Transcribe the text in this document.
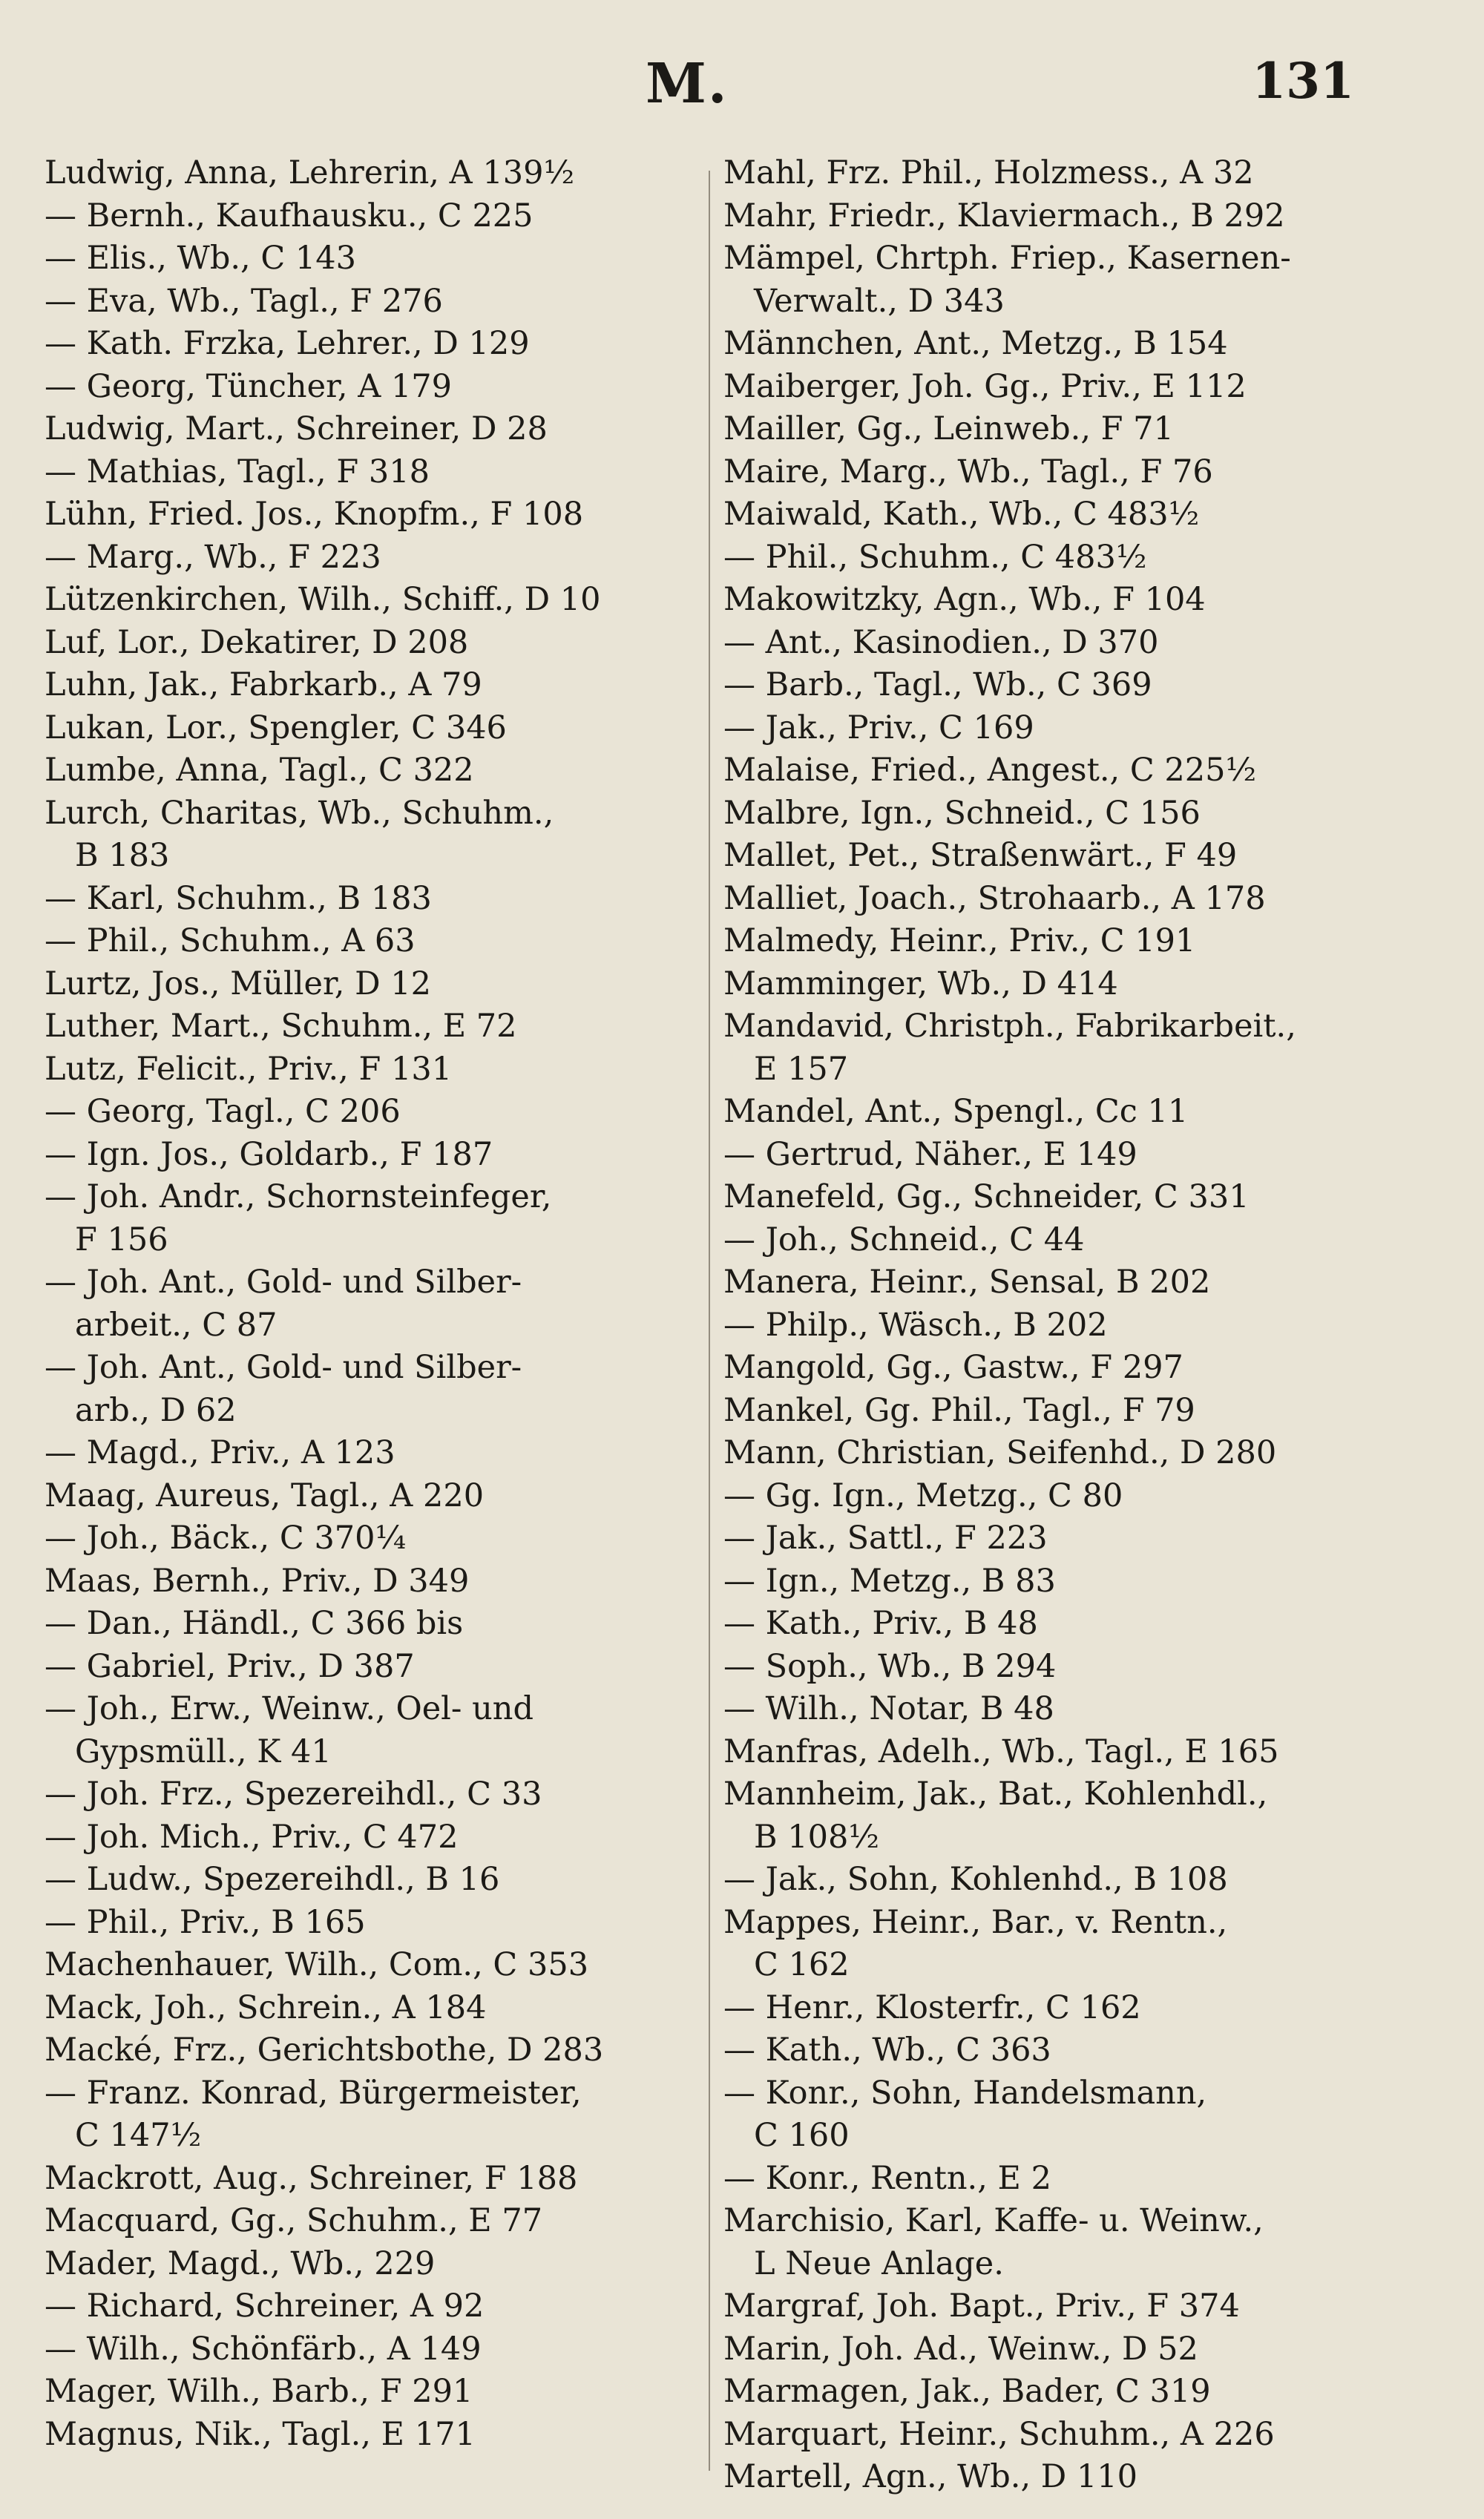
M.	131
Ludwig, Anna, Lehrerin, A 139½
— Bernh., Kaufhausku., C 225
— Elis., Wb., C 143
— Eva, Wb., Tagl., F 276
— Kath. Frzka, Lehrer., D 129
— Georg, Tüncher, A 179
Ludwig, Mart., Schreiner, D 28
— Mathias, Tagl., F 318
Lühn, Fried. Jos., Knopfm., F 108
— Marg., Wb., F 223
Lützenkirchen, Wilh., Schiff., D 10
Luf, Lor., Dekatirer, D 208
Luhn, Jak., Fabrkarb., A 79
Lukan, Lor., Spengler, C 346
Lumbe, Anna, Tagl., C 322
Lurch, Charitas, Wb., Schuhm.,
B 183
— Karl, Schuhm., B 183
— Phil., Schuhm., A 63
Lurtz, Jos., Müller, D 12
Luther, Mart., Schuhm., E 72
Lutz, Felicit., Priv., F 131
— Georg, Tagl., C 206
— Ign. Jos., Goldarb., F 187
— Joh. Andr., Schornsteinfeger,
F 156
— Joh. Ant., Gold- und Silber-
arbeit., C 87
— Joh. Ant., Gold- und Silber-
arb., D 62
— Magd., Priv., A 123
Maag, Aureus, Tagl., A 220
— Joh., Bäck., C 370¼
Maas, Bernh., Priv., D 349
— Dan., Händl., C 366 bis
— Gabriel, Priv., D 387
— Joh., Erw., Weinw., Oel- und
Gypsmüll., K 41
— Joh. Frz., Spezereihdl., C 33
— Joh. Mich., Priv., C 472
— Ludw., Spezereihdl., B 16
— Phil., Priv., B 165
Machenhauer, Wilh., Com., C 353
Mack, Joh., Schrein., A 184
Macké, Frz., Gerichtsbothe, D 283
— Franz. Konrad, Bürgermeister,
C 147½
Mackrott, Aug., Schreiner, F 188
Macquard, Gg., Schuhm., E 77
Mader, Magd., Wb., 229
— Richard, Schreiner, A 92
— Wilh., Schönfärb., A 149
Mager, Wilh., Barb., F 291
Magnus, Nik., Tagl., E 171
Mahl, Frz. Phil., Holzmess., A 32
Mahr, Friedr., Klaviermach., B 292
Mämpel, Chrtph. Friep., Kasernen-
Verwalt., D 343
Männchen, Ant., Metzg., B 154
Maiberger, Joh. Gg., Priv., E 112
Mailler, Gg., Leinweb., F 71
Maire, Marg., Wb., Tagl., F 76
Maiwald, Kath., Wb., C 483½
— Phil., Schuhm., C 483½
Makowitzky, Agn., Wb., F 104
— Ant., Kasinodien., D 370
— Barb., Tagl., Wb., C 369
— Jak., Priv., C 169
Malaise, Fried., Angest., C 225½
Malbre, Ign., Schneid., C 156
Mallet, Pet., Straßenwärt., F 49
Malliet, Joach., Strohaarb., A 178
Malmedy, Heinr., Priv., C 191
Mamminger, Wb., D 414
Mandavid, Christph., Fabrikarbeit.,
E 157
Mandel, Ant., Spengl., Cc 11
— Gertrud, Näher., E 149
Manefeld, Gg., Schneider, C 331
— Joh., Schneid., C 44
Manera, Heinr., Sensal, B 202
— Philp., Wäsch., B 202
Mangold, Gg., Gastw., F 297
Mankel, Gg. Phil., Tagl., F 79
Mann, Christian, Seifenhd., D 280
— Gg. Ign., Metzg., C 80
— Jak., Sattl., F 223
— Ign., Metzg., B 83
— Kath., Priv., B 48
— Soph., Wb., B 294
— Wilh., Notar, B 48
Manfras, Adelh., Wb., Tagl., E 165
Mannheim, Jak., Bat., Kohlenhdl.,
B 108½
— Jak., Sohn, Kohlenhd., B 108
Mappes, Heinr., Bar., v. Rentn.,
C 162
— Henr., Klosterfr., C 162
— Kath., Wb., C 363
— Konr., Sohn, Handelsmann,
C 160
— Konr., Rentn., E 2
Marchisio, Karl, Kaffe- u. Weinw.,
L Neue Anlage.
Margraf, Joh. Bapt., Priv., F 374
Marin, Joh. Ad., Weinw., D 52
Marmagen, Jak., Bader, C 319
Marquart, Heinr., Schuhm., A 226
Martell, Agn., Wb., D 110
